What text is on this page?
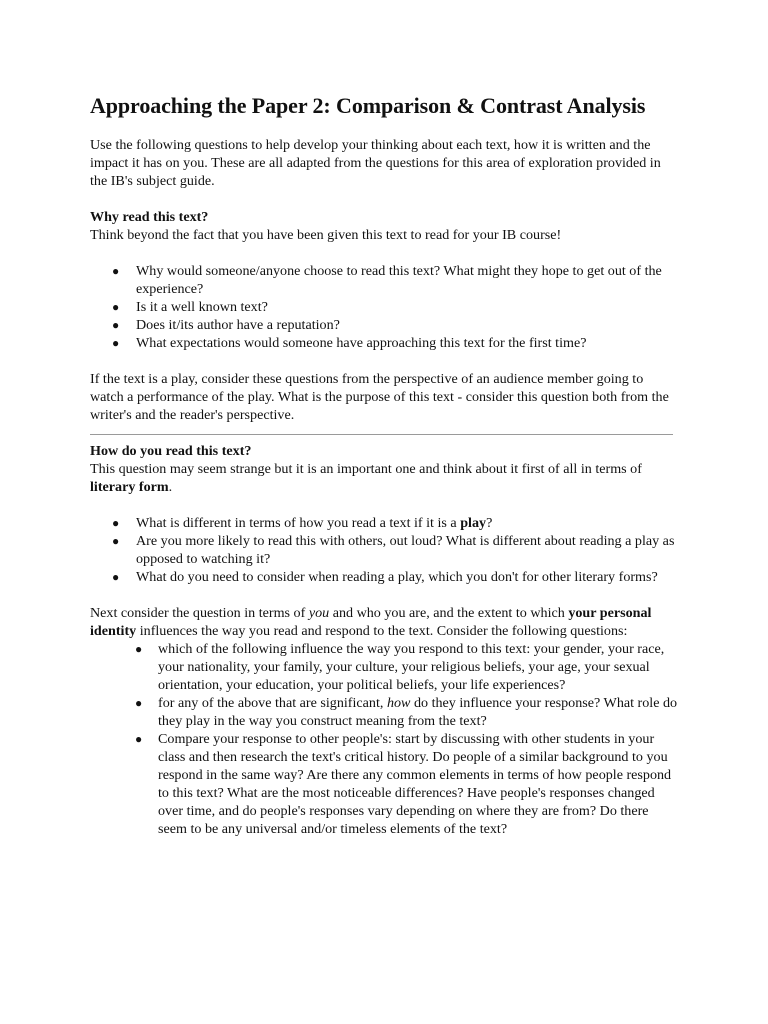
Approaching the Paper 2: Comparison & Contrast Analysis

Use the following questions to help develop your thinking about each text, how it is written and the impact it has on you. These are all adapted from the questions for this area of exploration provided in the IB's subject guide.

Why read this text?

Think beyond the fact that you have been given this text to read for your IB course!

● Why would someone/anyone choose to read this text? What might they hope to get out of the experience?
● Is it a well known text?
● Does it/its author have a reputation?
● What expectations would someone have approaching this text for the first time?

If the text is a play, consider these questions from the perspective of an audience member going to watch a performance of the play. What is the purpose of this text - consider this question both from the writer's and the reader's perspective.

How do you read this text?

This question may seem strange but it is an important one and think about it first of all in terms of literary form.

● What is different in terms of how you read a text if it is a play?
● Are you more likely to read this with others, out loud? What is different about reading a play as opposed to watching it?
● What do you need to consider when reading a play, which you don't for other literary forms?

Next consider the question in terms of you and who you are, and the extent to which your personal identity influences the way you read and respond to the text. Consider the following questions:

● which of the following influence the way you respond to this text: your gender, your race, your nationality, your family, your culture, your religious beliefs, your age, your sexual orientation, your education, your political beliefs, your life experiences?
● for any of the above that are significant, how do they influence your response? What role do they play in the way you construct meaning from the text?
● Compare your response to other people's: start by discussing with other students in your class and then research the text's critical history. Do people of a similar background to you respond in the same way? Are there any common elements in terms of how people respond to this text? What are the most noticeable differences? Have people's responses changed over time, and do people's responses vary depending on where they are from? Do there seem to be any universal and/or timeless elements of the text?
